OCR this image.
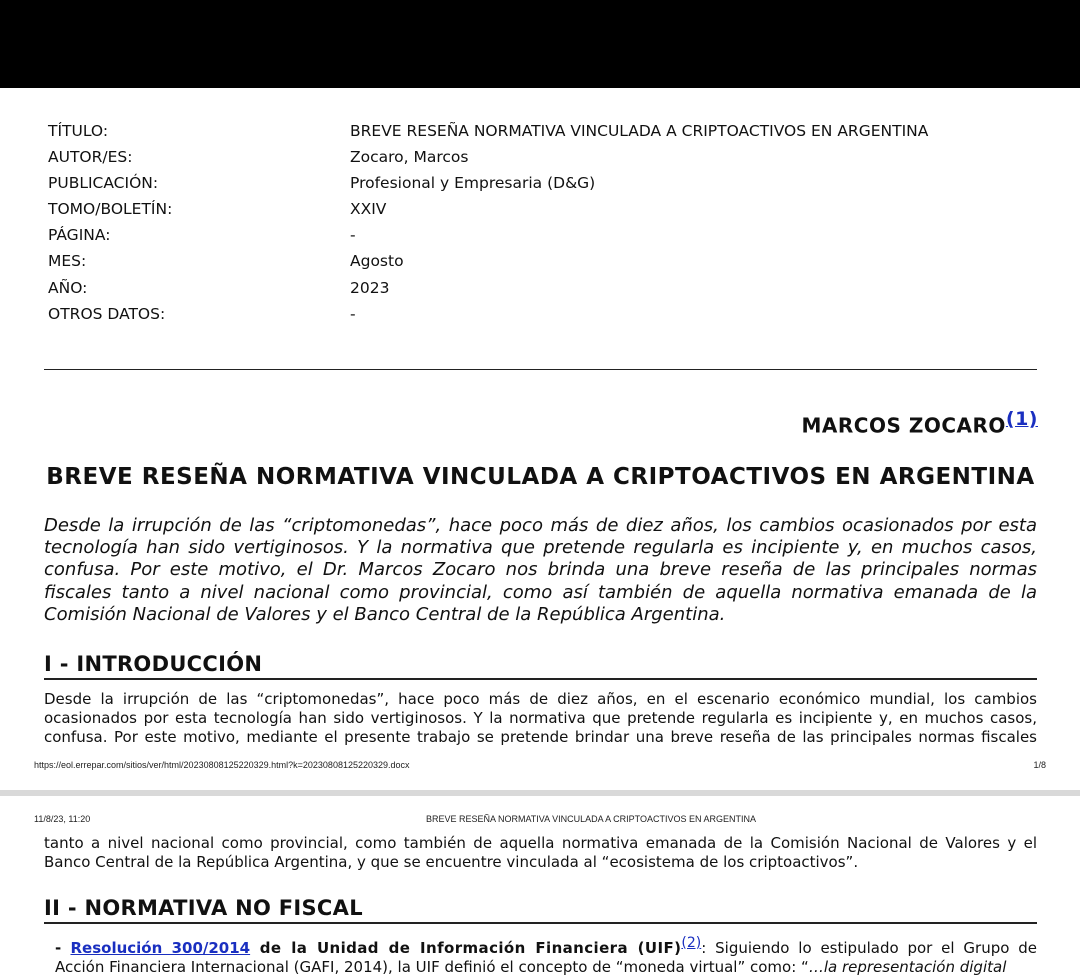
TÍTULO:	BREVE RESEÑA NORMATIVA VINCULADA A CRIPTOACTIVOS EN ARGENTINA
AUTOR/ES:	Zocaro, Marcos
PUBLICACIÓN:	Profesional y Empresaria (D&G)
TOMO/BOLETÍN:	XXIV
PÁGINA:	-
MES:	Agosto
AÑO:	2023
OTROS DATOS:	-
MARCOS ZOCARO$^{(1)}$
BREVE RESEÑA NORMATIVA VINCULADA A CRIPTOACTIVOS EN ARGENTINA
Desde la irrupción de las “criptomonedas”, hace poco más de diez años, los cambios ocasionados por esta tecnología han sido vertiginosos. Y la normativa que pretende regularla es incipiente y, en muchos casos, confusa. Por este motivo, el Dr. Marcos Zocaro nos brinda una breve reseña de las principales normas fiscales tanto a nivel nacional como provincial, como así también de aquella normativa emanada de la Comisión Nacional de Valores y el Banco Central de la República Argentina.
I - INTRODUCCIÓN
Desde la irrupción de las “criptomonedas”, hace poco más de diez años, en el escenario económico mundial, los cambios
ocasionados por esta tecnología han sido vertiginosos. Y la normativa que pretende regularla es incipiente y, en muchos casos,
confusa. Por este motivo, mediante el presente trabajo se pretende brindar una breve reseña de las principales normas fiscales
https://eol.errepar.com/sitios/ver/html/20230808125220329.html?k=20230808125220329.docx	1/8
11/8/23, 11:20	BREVE RESEÑA NORMATIVA VINCULADA A CRIPTOACTIVOS EN ARGENTINA
tanto a nivel nacional como provincial, como también de aquella normativa emanada de la Comisión Nacional de Valores y el
Banco Central de la República Argentina, y que se encuentre vinculada al “ecosistema de los criptoactivos”.
II - NORMATIVA NO FISCAL
- Resolución 300/2014 de la Unidad de Información Financiera (UIF)$^{(2)}$: Siguiendo lo estipulado por el Grupo de
Acción Financiera Internacional (GAFI, 2014), la UIF definió el concepto de “moneda virtual” como: “…la representación digital
